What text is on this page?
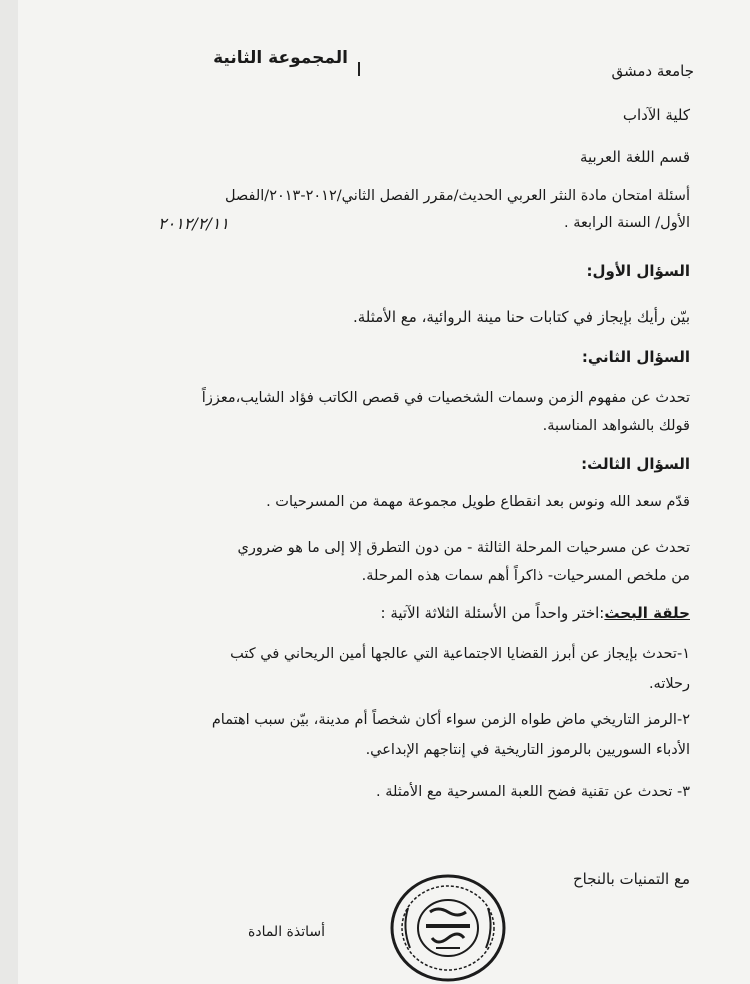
المجموعة الثانية
جامعة دمشق
كلية الآداب
قسم اللغة العربية
أسئلة امتحان مادة النثر العربي الحديث/مقرر الفصل الثاني/٢٠١٢-٢٠١٣/الفصل
الأول/ السنة الرابعة .
٢٠١٢/٢/١١
السؤال الأول:
بيّن رأيك بإيجاز في كتابات حنا مينة الروائية، مع الأمثلة.
السؤال الثاني:
تحدث عن مفهوم الزمن وسمات الشخصيات في قصص الكاتب فؤاد الشايب،معززاً
قولك بالشواهد المناسبة.
السؤال الثالث:
قدّم سعد الله ونوس بعد انقطاع طويل مجموعة مهمة من المسرحيات .
تحدث عن مسرحيات المرحلة الثالثة - من دون التطرق إلا إلى ما هو ضروري
من ملخص المسرحيات- ذاكراً أهم سمات هذه المرحلة.
حلقة البحث:اختر واحداً من الأسئلة الثلاثة الآتية :
١-تحدث بإيجاز عن أبرز القضايا الاجتماعية التي عالجها أمين الريحاني في كتب
رحلاته.
٢-الرمز التاريخي ماض طواه الزمن سواء أكان شخصاً أم مدينة، بيّن سبب اهتمام
الأدباء السوريين بالرموز التاريخية في إنتاجهم الإبداعي.
٣- تحدث عن تقنية فضح اللعبة المسرحية مع الأمثلة .
مع التمنيات بالنجاح
أساتذة المادة
